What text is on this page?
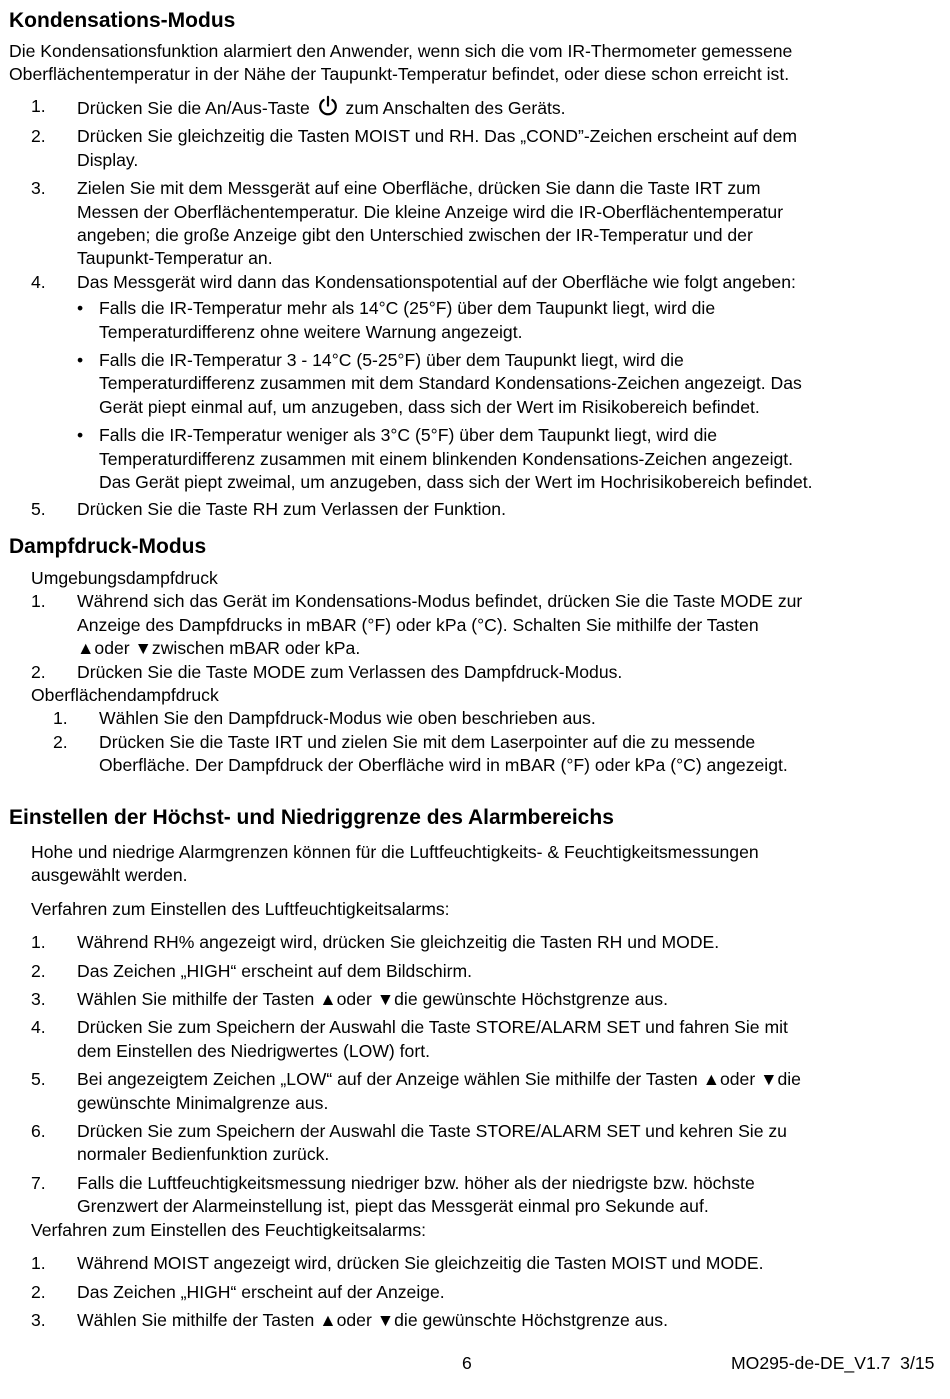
Kondensations-Modus

Die Kondensationsfunktion alarmiert den Anwender, wenn sich die vom IR-Thermometer gemessene

Oberflächentemperatur in der Nähe der Taupunkt-Temperatur befindet, oder diese schon erreicht ist.

1. Drücken Sie die An/Aus-Taste  zum Anschalten des Geräts.
2. Drücken Sie gleichzeitig die Tasten MOIST und RH. Das „COND”-Zeichen erscheint auf dem
Display.
3. Zielen Sie mit dem Messgerät auf eine Oberfläche, drücken Sie dann die Taste IRT zum
Messen der Oberflächentemperatur. Die kleine Anzeige wird die IR-Oberflächentemperatur
angeben; die große Anzeige gibt den Unterschied zwischen der IR-Temperatur und der
Taupunkt-Temperatur an.
4. Das Messgerät wird dann das Kondensationspotential auf der Oberfläche wie folgt angeben:
• Falls die IR-Temperatur mehr als 14°C (25°F) über dem Taupunkt liegt, wird die
Temperaturdifferenz ohne weitere Warnung angezeigt.
• Falls die IR-Temperatur 3 - 14°C (5-25°F) über dem Taupunkt liegt, wird die
Temperaturdifferenz zusammen mit dem Standard Kondensations-Zeichen angezeigt. Das
Gerät piept einmal auf, um anzugeben, dass sich der Wert im Risikobereich befindet.
• Falls die IR-Temperatur weniger als 3°C (5°F) über dem Taupunkt liegt, wird die
Temperaturdifferenz zusammen mit einem blinkenden Kondensations-Zeichen angezeigt.
Das Gerät piept zweimal, um anzugeben, dass sich der Wert im Hochrisikobereich befindet.
5. Drücken Sie die Taste RH zum Verlassen der Funktion.
Dampfdruck-Modus

Umgebungsdampfdruck

1. Während sich das Gerät im Kondensations-Modus befindet, drücken Sie die Taste MODE zur
Anzeige des Dampfdrucks in mBAR (°F) oder kPa (°C). Schalten Sie mithilfe der Tasten
▲oder ▼zwischen mBAR oder kPa.
2. Drücken Sie die Taste MODE zum Verlassen des Dampfdruck-Modus.

Oberflächendampfdruck

1. Wählen Sie den Dampfdruck-Modus wie oben beschrieben aus.
2. Drücken Sie die Taste IRT und zielen Sie mit dem Laserpointer auf die zu messende
Oberfläche. Der Dampfdruck der Oberfläche wird in mBAR (°F) oder kPa (°C) angezeigt.
Einstellen der Höchst- und Niedriggrenze des Alarmbereichs

Hohe und niedrige Alarmgrenzen können für die Luftfeuchtigkeits- & Feuchtigkeitsmessungen

ausgewählt werden.

Verfahren zum Einstellen des Luftfeuchtigkeitsalarms:

1. Während RH% angezeigt wird, drücken Sie gleichzeitig die Tasten RH und MODE.
2. Das Zeichen „HIGH“ erscheint auf dem Bildschirm.
3. Wählen Sie mithilfe der Tasten ▲oder ▼die gewünschte Höchstgrenze aus.
4. Drücken Sie zum Speichern der Auswahl die Taste STORE/ALARM SET und fahren Sie mit
dem Einstellen des Niedrigwertes (LOW) fort.
5. Bei angezeigtem Zeichen „LOW“ auf der Anzeige wählen Sie mithilfe der Tasten ▲oder ▼die
gewünschte Minimalgrenze aus.
6. Drücken Sie zum Speichern der Auswahl die Taste STORE/ALARM SET und kehren Sie zu
normaler Bedienfunktion zurück.
7. Falls die Luftfeuchtigkeitsmessung niedriger bzw. höher als der niedrigste bzw. höchste
Grenzwert der Alarmeinstellung ist, piept das Messgerät einmal pro Sekunde auf.

Verfahren zum Einstellen des Feuchtigkeitsalarms:

1. Während MOIST angezeigt wird, drücken Sie gleichzeitig die Tasten MOIST und MODE.
2. Das Zeichen „HIGH“ erscheint auf der Anzeige.
3. Wählen Sie mithilfe der Tasten ▲oder ▼die gewünschte Höchstgrenze aus.
6	MO295-de-DE_V1.7  3/15
